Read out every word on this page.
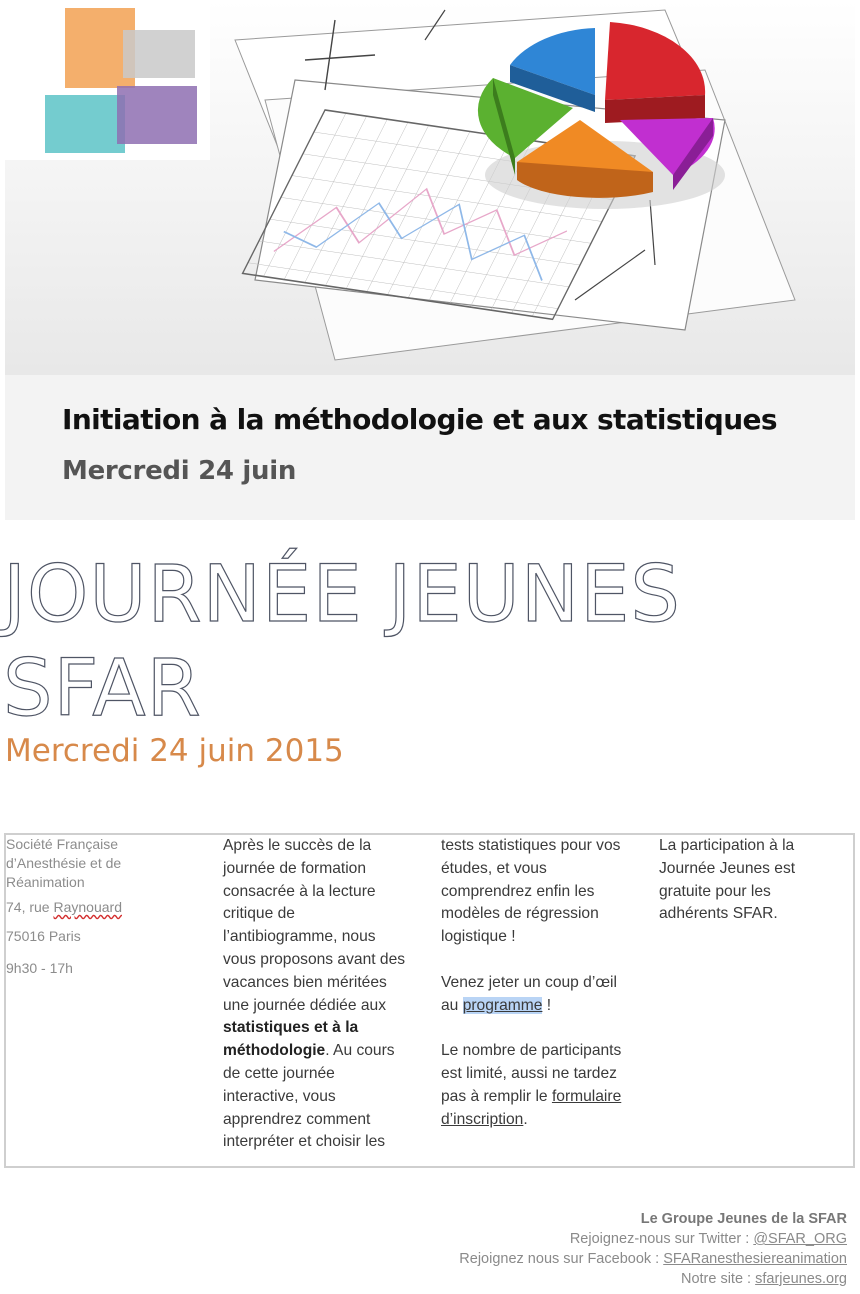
Initiation à la méthodologie et aux statistiques
Mercredi 24 juin
JOURNÉE JEUNES
SFAR
Mercredi 24 juin 2015

Société Française
d’Anesthésie et de
Réanimation

74, rue Raynouard

75016 Paris

9h30 - 17h

Après le succès de la

journée de formation

consacrée à la lecture

critique de

l’antibiogramme, nous

vous proposons avant des

vacances bien méritées

une journée dédiée aux

statistiques et à la

méthodologie. Au cours

de cette journée

interactive, vous

apprendrez comment

interpréter et choisir les

tests statistiques pour vos

études, et vous

comprendrez enfin les

modèles de régression

logistique !

Venez jeter un coup d’œil

au programme !

Le nombre de participants

est limité, aussi ne tardez

pas à remplir le formulaire

d’inscription.

La participation à la

Journée Jeunes est

gratuite pour les

adhérents SFAR.

Le Groupe Jeunes de la SFAR
Rejoignez-nous sur Twitter : @SFAR_ORG
Rejoignez nous sur Facebook : SFARanesthesiereanimation
Notre site : sfarjeunes.org
